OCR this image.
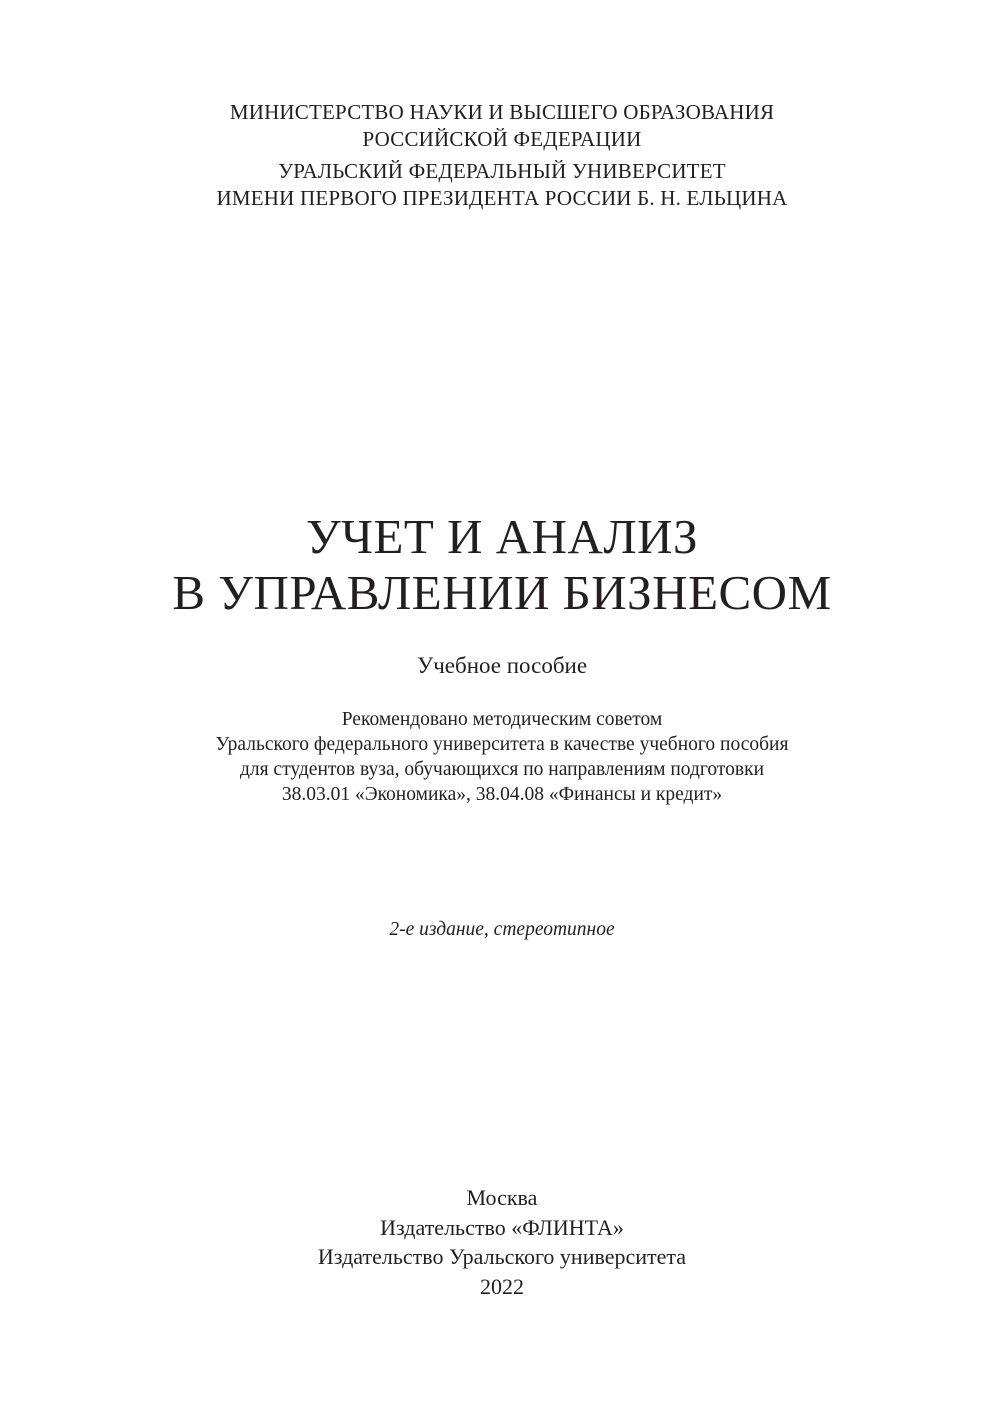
МИНИСТЕРСТВО НАУКИ И ВЫСШЕГО ОБРАЗОВАНИЯ
РОССИЙСКОЙ ФЕДЕРАЦИИ
УРАЛЬСКИЙ ФЕДЕРАЛЬНЫЙ УНИВЕРСИТЕТ
ИМЕНИ ПЕРВОГО ПРЕЗИДЕНТА РОССИИ Б. Н. ЕЛЬЦИНА
УЧЕТ И АНАЛИЗ
В УПРАВЛЕНИИ БИЗНЕСОМ
Учебное пособие
Рекомендовано методическим советом
Уральского федерального университета в качестве учебного пособия
для студентов вуза, обучающихся по направлениям подготовки
38.03.01 «Экономика», 38.04.08 «Финансы и кредит»
2-е издание, стереотипное
Москва
Издательство «ФЛИНТА»
Издательство Уральского университета
2022
